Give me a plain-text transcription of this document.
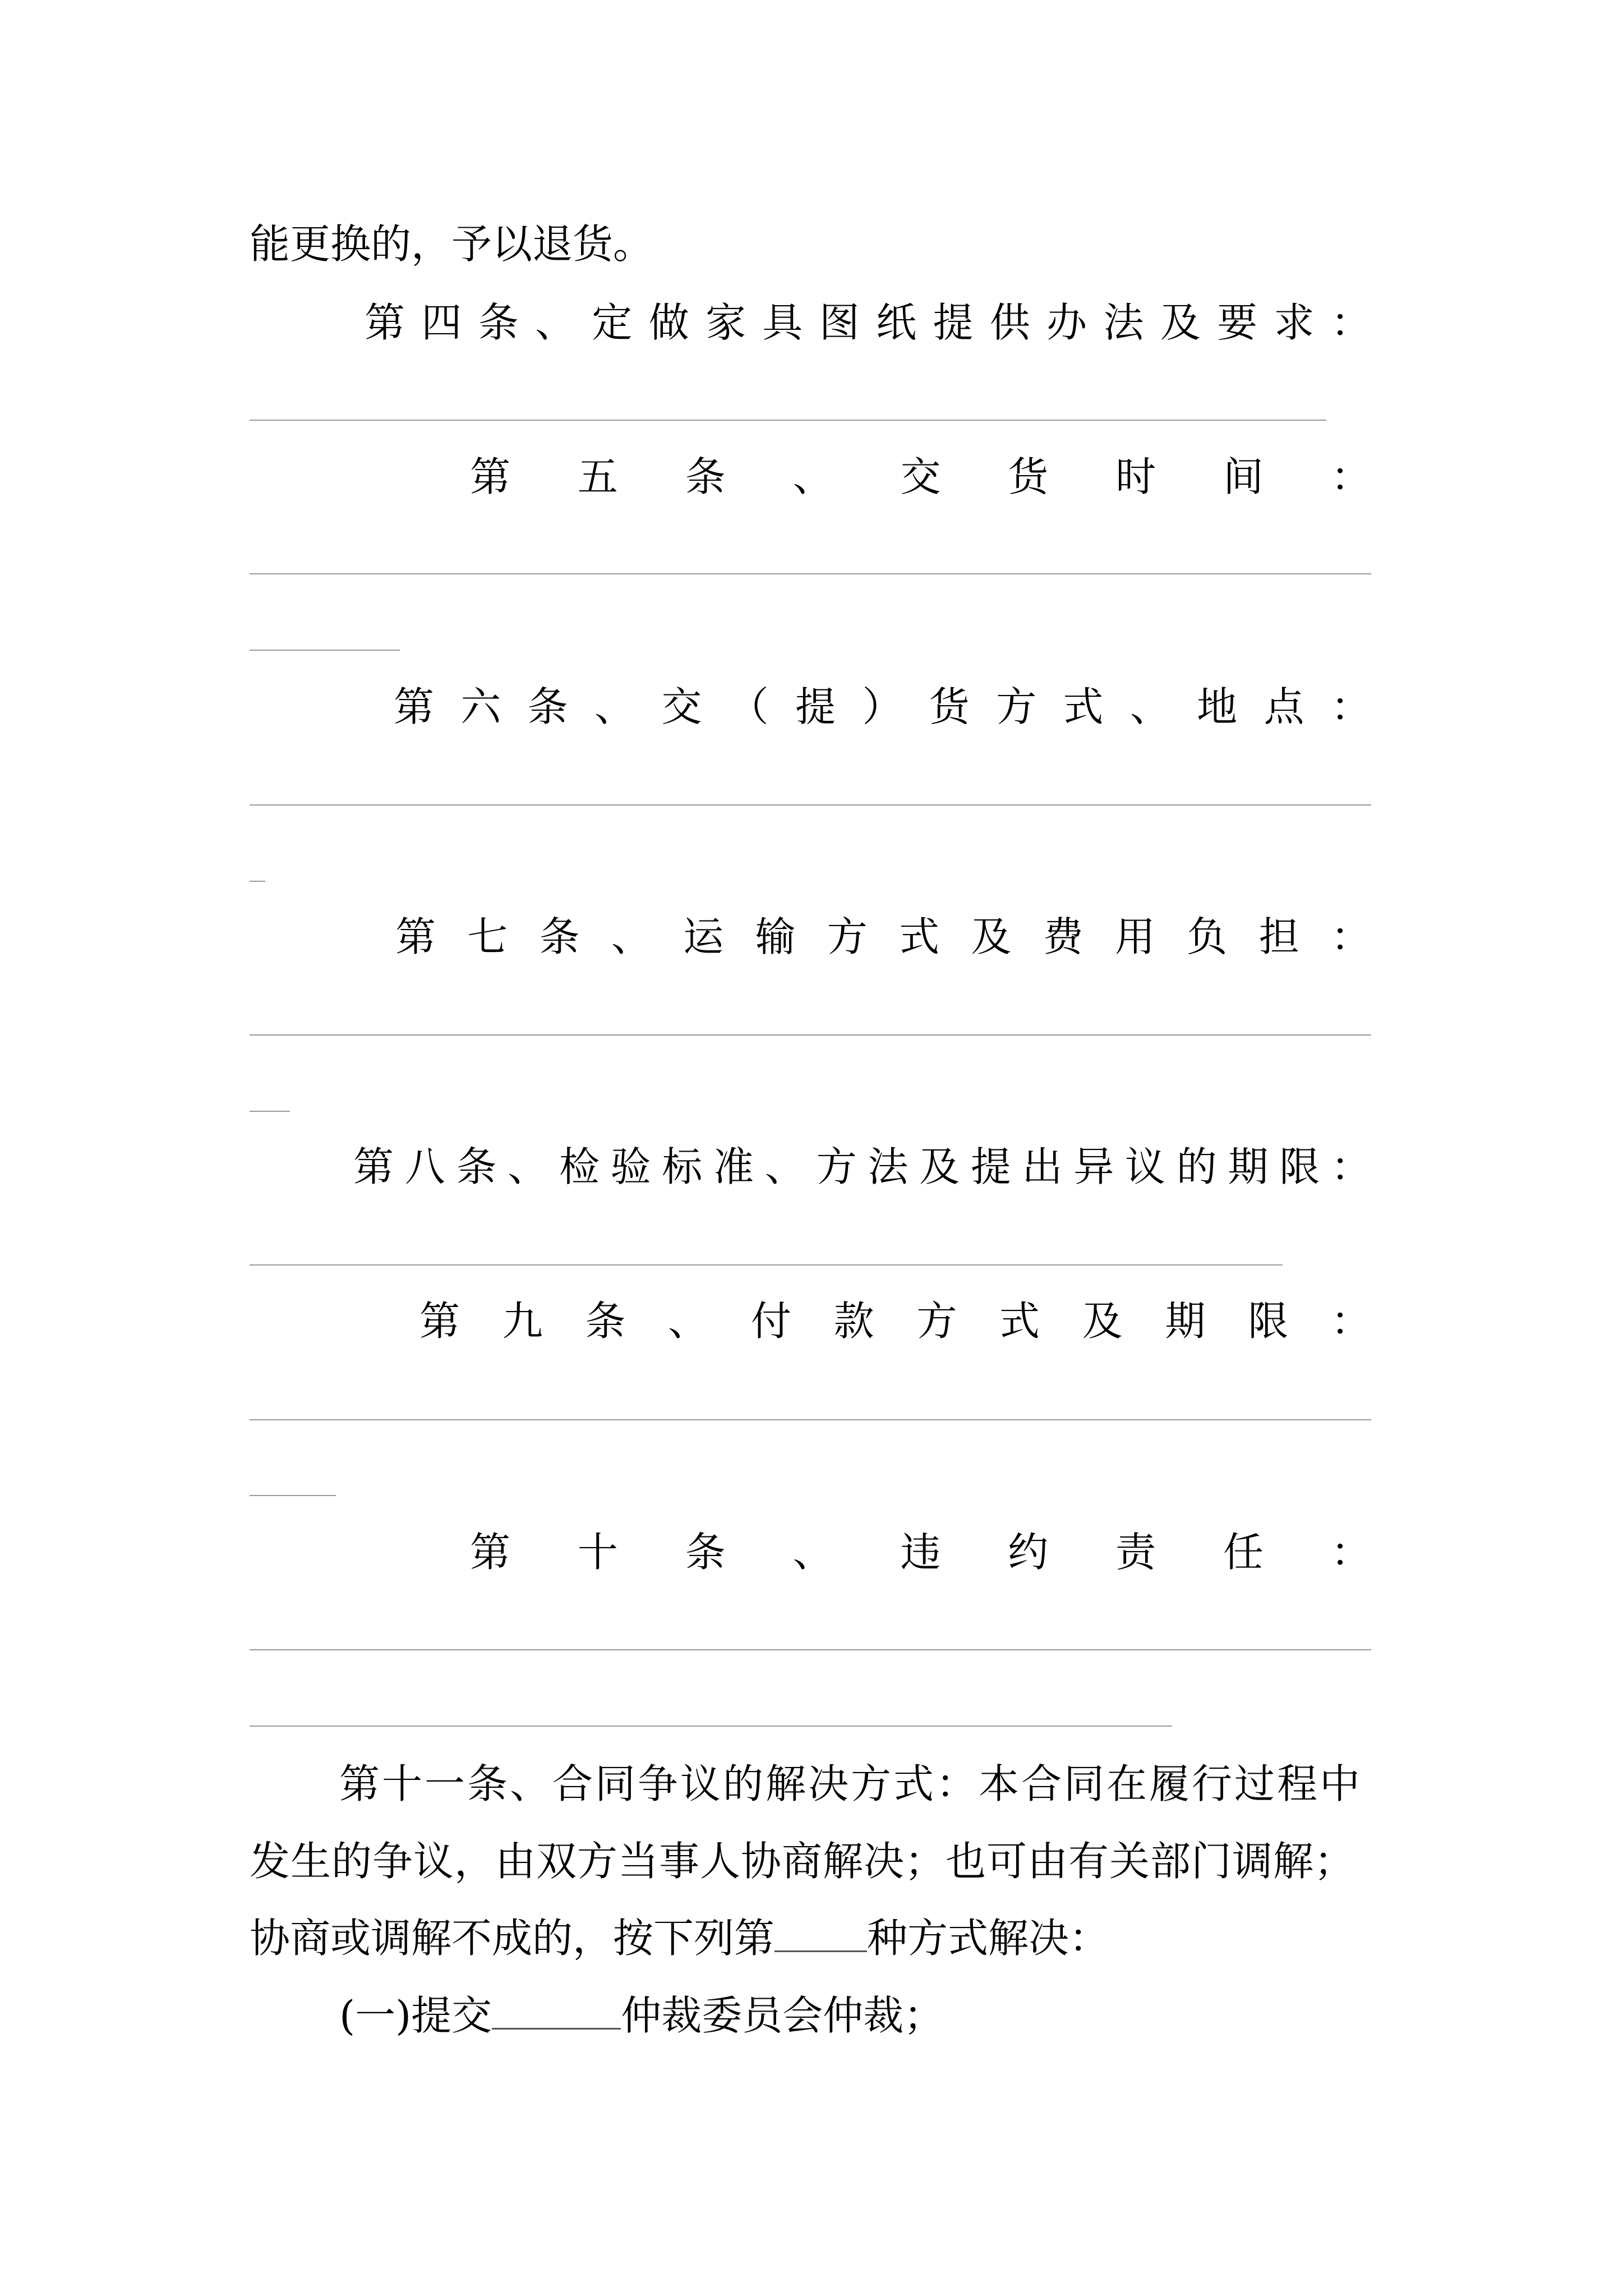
能更换的，予以退货。
第 四 条 、 定 做 家 具 图 纸 提 供 办 法 及 要 求 ：
第 五 条 、 交 货 时 间 ：
第 六 条 、 交 （ 提 ） 货 方 式 、 地 点 ：
第 七 条 、 运 输 方 式 及 费 用 负 担 ：
第 八 条 、 检 验 标 准 、 方 法 及 提 出 异 议 的 期 限 ：
第 九 条 、 付 款 方 式 及 期 限 ：
第 十 条 、 违 约 责 任 ：
第十一条、合同争议的解决方式：本合同在履行过程中
发生的争议，由双方当事人协商解决；也可由有关部门调解；
协商或调解不成的，按下列第 种方式解决：
(一)提交	仲裁委员会仲裁；
